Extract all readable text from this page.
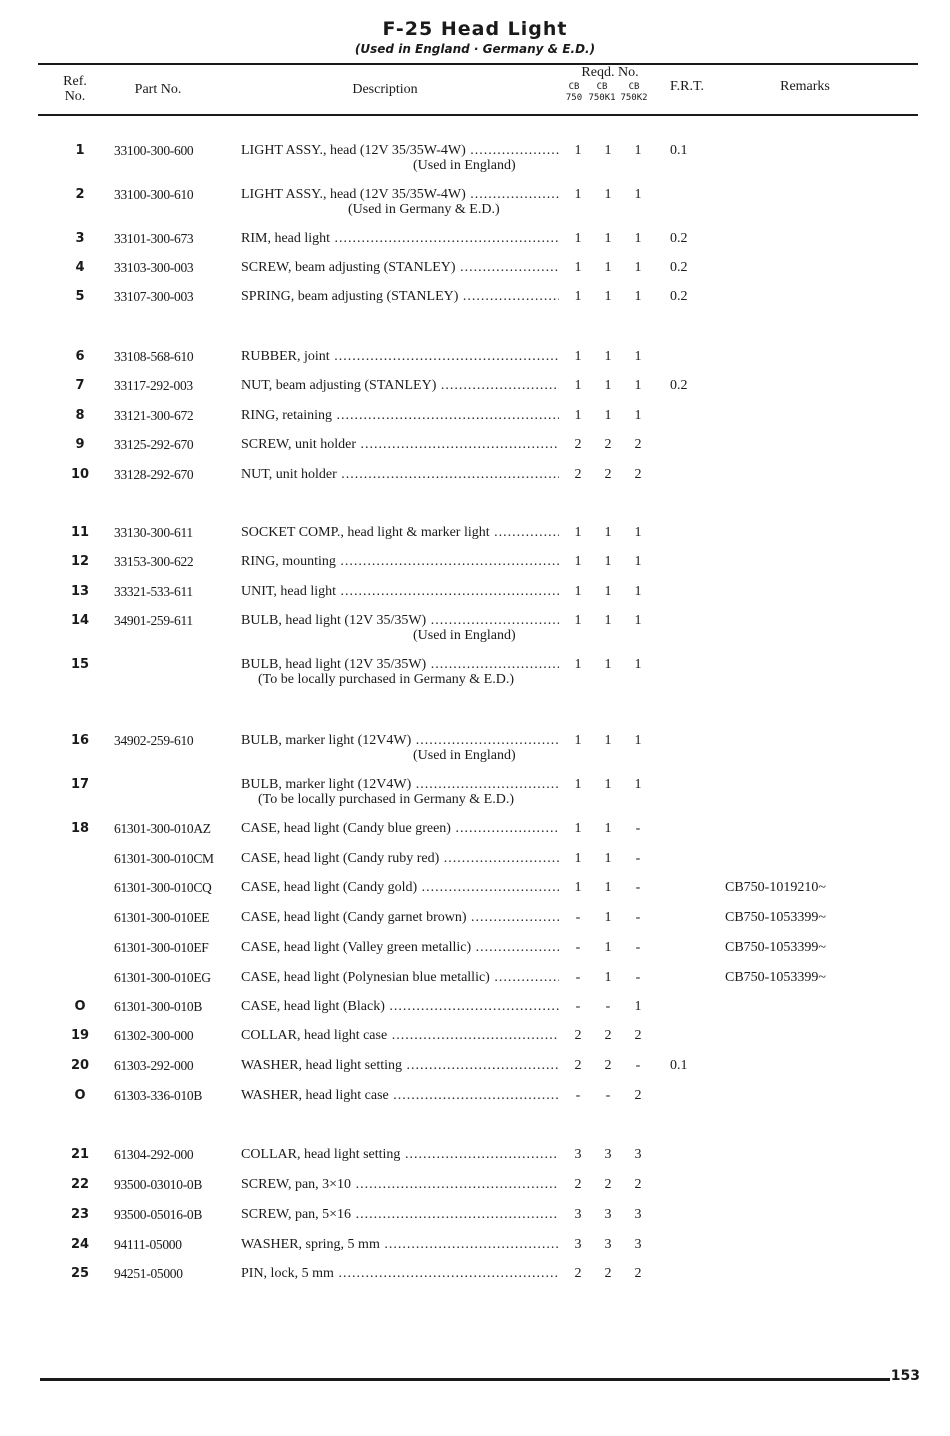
F-25 Head Light
(Used in England · Germany & E.D.)
Ref.
No.	Part No.	Description
Reqd. No.
CB
750
CB
750K1
CB
750K2
F.R.T.	Remarks
1	33100-300-600	LIGHT ASSY., head (12V 35/35W-4W) .....	1	1	1	0.1
(Used in England)
2	33100-300-610	LIGHT ASSY., head (12V 35/35W-4W) .....	1	1	1
(Used in Germany & E.D.)
3	33101-300-673	RIM, head light .....	1	1	1	0.2
4	33103-300-003	SCREW, beam adjusting (STANLEY) .....	1	1	1	0.2
5	33107-300-003	SPRING, beam adjusting (STANLEY) .....	1	1	1	0.2
6	33108-568-610	RUBBER, joint .....	1	1	1
7	33117-292-003	NUT, beam adjusting (STANLEY) .....	1	1	1	0.2
8	33121-300-672	RING, retaining .....	1	1	1
9	33125-292-670	SCREW, unit holder .....	2	2	2
10	33128-292-670	NUT, unit holder .....	2	2	2
11	33130-300-611	SOCKET COMP., head light & marker light .....	1	1	1
12	33153-300-622	RING, mounting .....	1	1	1
13	33321-533-611	UNIT, head light .....	1	1	1
14	34901-259-611	BULB, head light (12V 35/35W) .....	1	1	1
(Used in England)
15	BULB, head light (12V 35/35W) .....	1	1	1
(To be locally purchased in Germany & E.D.)
16	34902-259-610	BULB, marker light (12V4W) .....	1	1	1
(Used in England)
17	BULB, marker light (12V4W) .....	1	1	1
(To be locally purchased in Germany & E.D.)
18	61301-300-010AZ CASE, head light (Candy blue green) .....	1	1	-
61301-300-010CM CASE, head light (Candy ruby red) .....	1	1	-
61301-300-010CQ CASE, head light (Candy gold) .....	1	1	-	CB750-1019210~
61301-300-010EE CASE, head light (Candy garnet brown) .....	-	1	-	CB750-1053399~
61301-300-010EF CASE, head light (Valley green metallic) .....	-	1	-	CB750-1053399~
61301-300-010EG CASE, head light (Polynesian blue metallic) .....	-	1	-	CB750-1053399~
O	61301-300-010B	CASE, head light (Black) .....	-	-	1
19	61302-300-000	COLLAR, head light case .....	2	2	2
20	61303-292-000	WASHER, head light setting .....	2	2	-	0.1
O	61303-336-010B	WASHER, head light case .....	-	-	2
21	61304-292-000	COLLAR, head light setting .....	3	3	3
22	93500-03010-0B	SCREW, pan, 3×10 .....	2	2	2
23	93500-05016-0B	SCREW, pan, 5×16 .....	3	3	3
24	94111-05000	WASHER, spring, 5 mm .....	3	3	3
25	94251-05000	PIN, lock, 5 mm .....	2	2	2
153
